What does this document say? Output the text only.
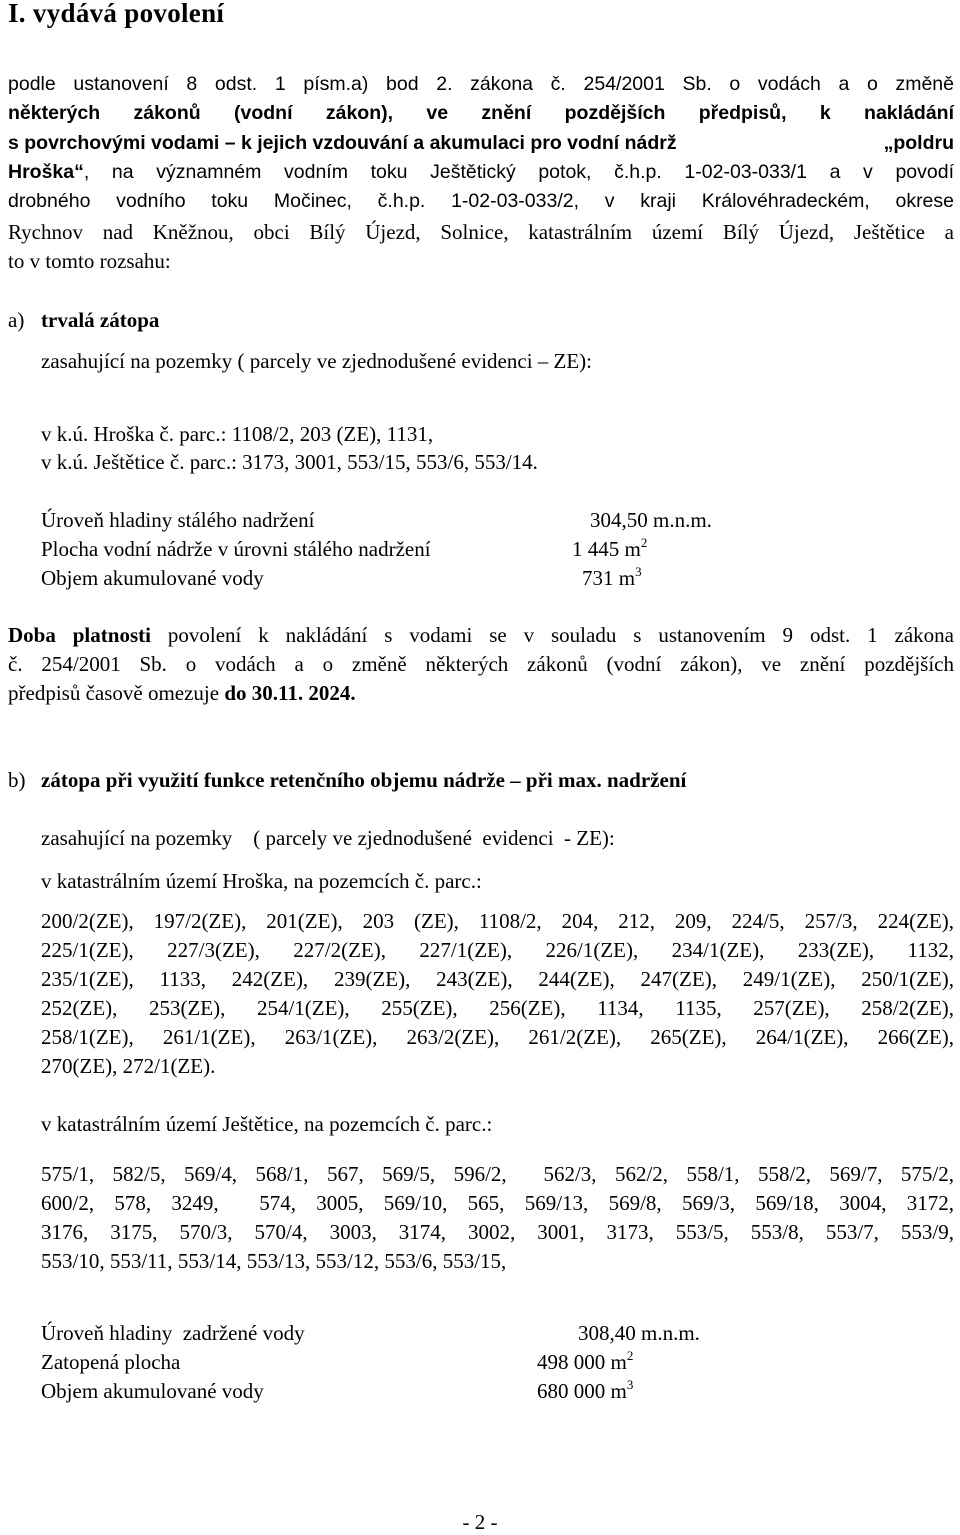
I. vydává povolení
podle ustanovení 8 odst. 1 písm.a) bod 2. zákona č. 254/2001 Sb. o vodách a o změně
některých zákonů (vodní zákon), ve znění pozdějších předpisů, k nakládání
s povrchovými vodami – k jejich vzdouvání a akumulaci pro vodní nádrž	„poldru
Hroška“, na významném vodním toku Ještětický potok, č.h.p. 1-02-03-033/1 a v povodí
drobného vodního toku Močinec, č.h.p. 1-02-03-033/2, v kraji Královéhradeckém, okrese
Rychnov nad Kněžnou, obci Bílý Újezd, Solnice, katastrálním území Bílý Újezd, Ještětice a
to v tomto rozsahu:
a) trvalá zátopa
zasahující na pozemky ( parcely ve zjednodušené evidenci – ZE):
v k.ú. Hroška č. parc.: 1108/2, 203 (ZE), 1131,
v k.ú. Ještětice č. parc.: 3173, 3001, 553/15, 553/6, 553/14.
Úroveň hladiny stálého nadržení	304,50 m.n.m.
Plocha vodní nádrže v úrovni stálého nadržení	1 445 $m^2$
Objem akumulované vody	731 $m^3$
Doba platnosti povolení k nakládání s vodami se v souladu s ustanovením 9 odst. 1 zákona
č. 254/2001 Sb. o vodách a o změně některých zákonů (vodní zákon), ve znění pozdějších
předpisů časově omezuje do 30.11. 2024.
b) zátopa při využití funkce retenčního objemu nádrže – při max. nadržení
zasahující na pozemky    ( parcely ve zjednodušené  evidenci  - ZE):
v katastrálním území Hroška, na pozemcích č. parc.:
200/2(ZE), 197/2(ZE), 201(ZE), 203 (ZE), 1108/2, 204, 212, 209, 224/5, 257/3, 224(ZE),
225/1(ZE), 227/3(ZE), 227/2(ZE), 227/1(ZE), 226/1(ZE), 234/1(ZE), 233(ZE), 1132,
235/1(ZE), 1133, 242(ZE), 239(ZE), 243(ZE), 244(ZE), 247(ZE), 249/1(ZE), 250/1(ZE),
252(ZE), 253(ZE), 254/1(ZE), 255(ZE), 256(ZE), 1134, 1135, 257(ZE), 258/2(ZE),
258/1(ZE), 261/1(ZE), 263/1(ZE), 263/2(ZE), 261/2(ZE), 265(ZE), 264/1(ZE), 266(ZE),
270(ZE), 272/1(ZE).
v katastrálním území Ještětice, na pozemcích č. parc.:
575/1, 582/5, 569/4, 568/1, 567, 569/5, 596/2,  562/3, 562/2, 558/1, 558/2, 569/7, 575/2,
600/2, 578, 3249,  574, 3005, 569/10, 565, 569/13, 569/8, 569/3, 569/18, 3004, 3172,
3176, 3175, 570/3, 570/4, 3003, 3174, 3002, 3001, 3173, 553/5, 553/8, 553/7, 553/9,
553/10, 553/11, 553/14, 553/13, 553/12, 553/6, 553/15,
Úroveň hladiny  zadržené vody	308,40 m.n.m.
Zatopená plocha	498 000 $m^2$
Objem akumulované vody	680 000 $m^3$
- 2 -
